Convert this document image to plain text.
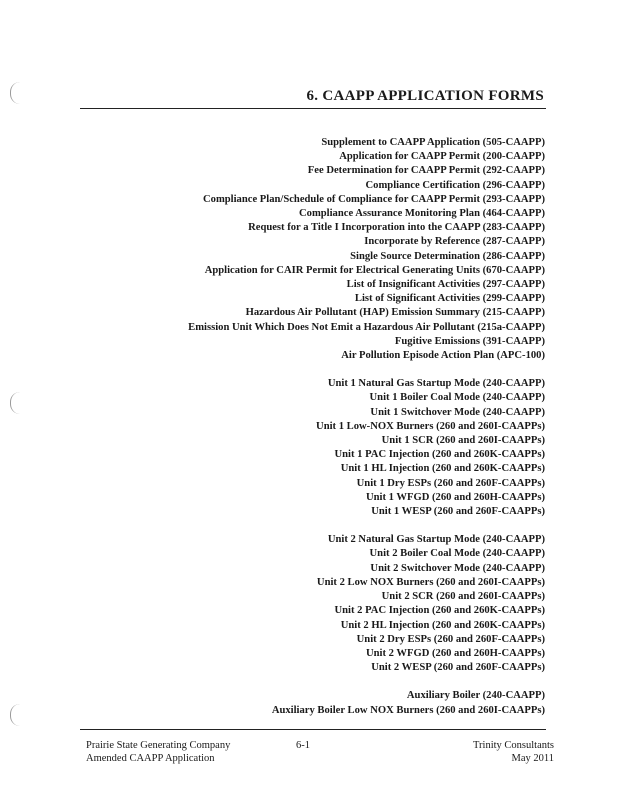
6. CAAPP APPLICATION FORMS
Supplement to CAAPP Application (505-CAAPP)
Application for CAAPP Permit (200-CAAPP)
Fee Determination for CAAPP Permit (292-CAAPP)
Compliance Certification (296-CAAPP)
Compliance Plan/Schedule of Compliance for CAAPP Permit (293-CAAPP)
Compliance Assurance Monitoring Plan (464-CAAPP)
Request for a Title I Incorporation into the CAAPP (283-CAAPP)
Incorporate by Reference (287-CAAPP)
Single Source Determination (286-CAAPP)
Application for CAIR Permit for Electrical Generating Units (670-CAAPP)
List of Insignificant Activities (297-CAAPP)
List of Significant Activities (299-CAAPP)
Hazardous Air Pollutant (HAP) Emission Summary (215-CAAPP)
Emission Unit Which Does Not Emit a Hazardous Air Pollutant (215a-CAAPP)
Fugitive Emissions (391-CAAPP)
Air Pollution Episode Action Plan (APC-100)
Unit 1 Natural Gas Startup Mode (240-CAAPP)
Unit 1 Boiler Coal Mode (240-CAAPP)
Unit 1 Switchover Mode (240-CAAPP)
Unit 1 Low-NOX Burners (260 and 260I-CAAPPs)
Unit 1 SCR (260 and 260I-CAAPPs)
Unit 1 PAC Injection (260 and 260K-CAAPPs)
Unit 1 HL Injection (260 and 260K-CAAPPs)
Unit 1 Dry ESPs (260 and 260F-CAAPPs)
Unit 1 WFGD (260 and 260H-CAAPPs)
Unit 1 WESP (260 and 260F-CAAPPs)
Unit 2 Natural Gas Startup Mode (240-CAAPP)
Unit 2 Boiler Coal Mode (240-CAAPP)
Unit 2 Switchover Mode (240-CAAPP)
Unit 2 Low NOX Burners (260 and 260I-CAAPPs)
Unit 2 SCR (260 and 260I-CAAPPs)
Unit 2 PAC Injection (260 and 260K-CAAPPs)
Unit 2 HL Injection (260 and 260K-CAAPPs)
Unit 2 Dry ESPs (260 and 260F-CAAPPs)
Unit 2 WFGD (260 and 260H-CAAPPs)
Unit 2 WESP (260 and 260F-CAAPPs)
Auxiliary Boiler (240-CAAPP)
Auxiliary Boiler Low NOX Burners (260 and 260I-CAAPPs)
Prairie State Generating Company
Amended CAAPP Application
6-1	Trinity Consultants
May 2011
